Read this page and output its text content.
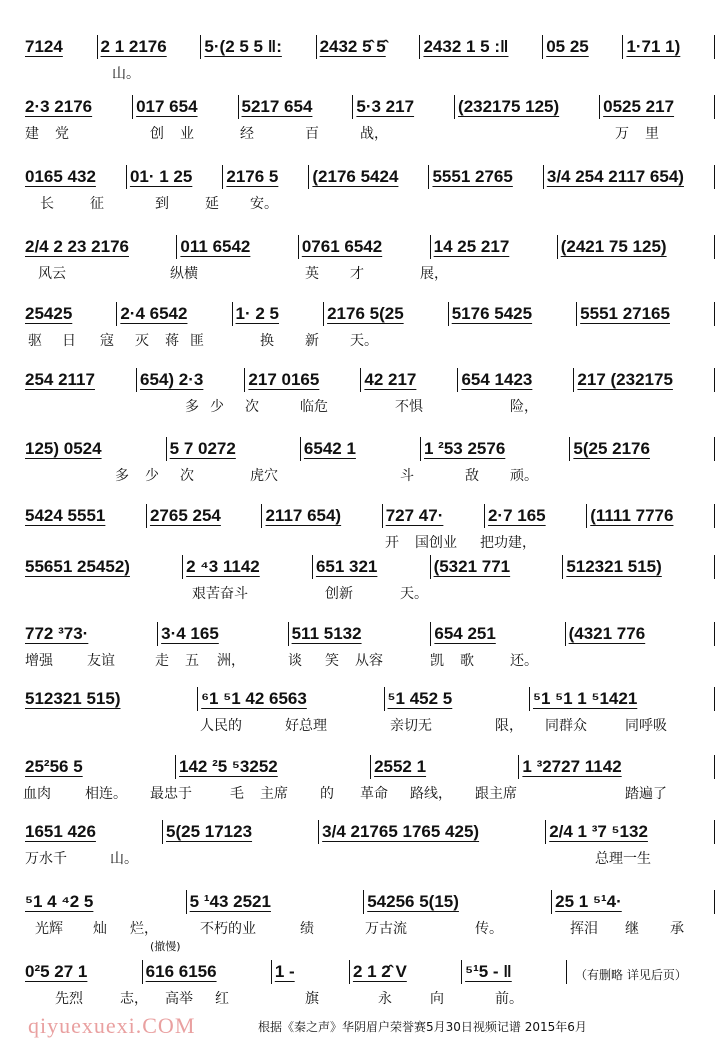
7124	2 1 2176	5·(2 5 5 ‖:	2432 5̂ 5̂	2432 1 5 :‖	05 25	1·71 1)
山。
2·3 2176	017 654	5217 654	5·3 217	(232175 125)	0525 217
建 党	创 业	经	百	战，	万 里
0165 432	01· 1 25	2176 5	(2176 5424	5551 2765	3/4 254 2117 654)
长	征	到	延 安。
2/4 2 23 2176	011 6542	0761 6542	14 25 217	(2421 75 125)
风云	纵横	英 才	展，
25425	2·4 6542	1· 2 5	2176 5(25	5176 5425	5551 27165
驱 日 寇 灭 蒋 匪	换 新 天。
254 2117	654) 2·3	217 0165	42 217	654 1423	217 (232175
多 少 次	临危	不惧	险，
125) 0524	5 7 0272	6542 1	1 ²53 2576	5(25 2176
多 少 次	虎穴	斗	敌 顽。
5424 5551	2765 254	2117 654)	727 47·	2·7 165	(1111 7776
开 国创业 把功建，
55651 25452)	2 ⁴3 1142	651 321	(5321 771	512321 515)
艰苦奋斗	创新	天。
772 ³73·	3·4 165	511 5132	654 251	(4321 776
增强 友谊	走 五 洲，	谈 笑 从容	凯 歌	还。
512321 515)	⁶1 ⁵1 42 6563	⁵1 452 5	⁵1 ⁵1 1 ⁵1421
人民的	好总理	亲切无	限， 同群众	同呼吸
25²56 5	142 ²5 ⁵3252	2552 1	1 ³2727 1142
血肉 相连。 最忠于	毛 主席 的 革命 路线， 跟主席	踏遍了
1651 426	5(25 17123	3/4 21765 1765 425)	2/4 1 ³7 ⁵132
万水千	山。	总理一生
⁵1 4 ⁴2 5	5 ¹43 2521	54256 5(15)	25 1 ⁵¹4·
光辉 灿 烂，	不朽的业	绩	万古流	传。	挥泪 继 承
0²5 27 1	616 6156	1 -	2 1 2̂ V	⁵¹5 - ‖
先烈	志， 高举 红	旗	永	向	前。
(撤慢)
（有删略 详见后页）
qiyuexuexi.COM	根据《秦之声》华阴眉户荣誉赛5月30日视频记谱 2015年6月
